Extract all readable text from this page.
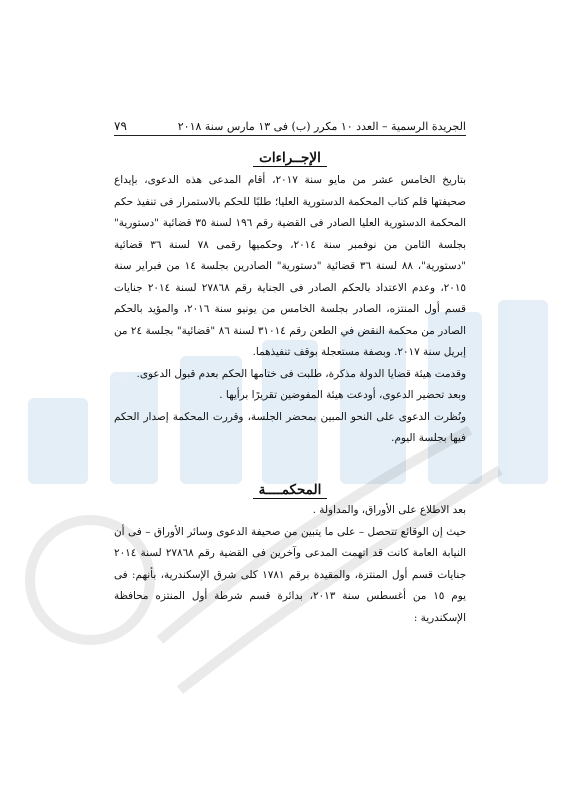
الجريدة الرسمية – العدد ١٠ مكرر (ب) فى ١٣ مارس سنة ٢٠١٨
٧٩
الإجــراءات

بتاريخ الخامس عشر من مايو سنة ٢٠١٧، أقام المدعى هذه الدعوى، بإيداع صحيفتها قلم كتاب المحكمة الدستورية العليا؛ طلبًا للحكم بالاستمرار فى تنفيذ حكم المحكمة الدستورية العليا الصادر فى القضية رقم ١٩٦ لسنة ٣٥ قضائية "دستورية" بجلسة الثامن من نوفمبر سنة ٢٠١٤، وحكميها رقمى ٧٨ لسنة ٣٦ قضائية "دستورية"، ٨٨ لسنة ٣٦ قضائية "دستورية" الصادرين بجلسة ١٤ من فبراير سنة ٢٠١٥، وعدم الاعتداد بالحكم الصادر فى الجناية رقم ٢٧٨٦٨ لسنة ٢٠١٤ جنايات قسم أول المنتزه، الصادر بجلسة الخامس من يونيو سنة ٢٠١٦، والمؤيد بالحكم الصادر من محكمة النقض في الطعن رقم ٣١٠١٤ لسنة ٨٦ "قضائية" بجلسة ٢٤ من إبريل سنة ٢٠١٧. وبصفة مستعجلة بوقف تنفيذهما.

وقدمت هيئة قضايا الدولة مذكرة، طلبت فى ختامها الحكم بعدم قبول الدعوى.

وبعد تحضير الدعوى، أودعت هيئة المفوضين تقريرًا برأيها .

ونُظرت الدعوى على النحو المبين بمحضر الجلسة، وقررت المحكمة إصدار الحكم فيها بجلسة اليوم.

المحكمــــة

بعد الاطلاع على الأوراق، والمداولة .

حيث إن الوقائع تتحصل – على ما يتبين من صحيفة الدعوى وسائر الأوراق – فى أن النيابة العامة كانت قد اتهمت المدعى وآخرين فى القضية رقم ٢٧٨٦٨ لسنة ٢٠١٤ جنايات قسم أول المنتزة، والمقيدة برقم ١٧٨١ كلى شرق الإسكندرية، بأنهم: فى يوم ١٥ من أغسطس سنة ٢٠١٣، بدائرة قسم شرطة أول المنتزه محافظة الإسكندرية :
